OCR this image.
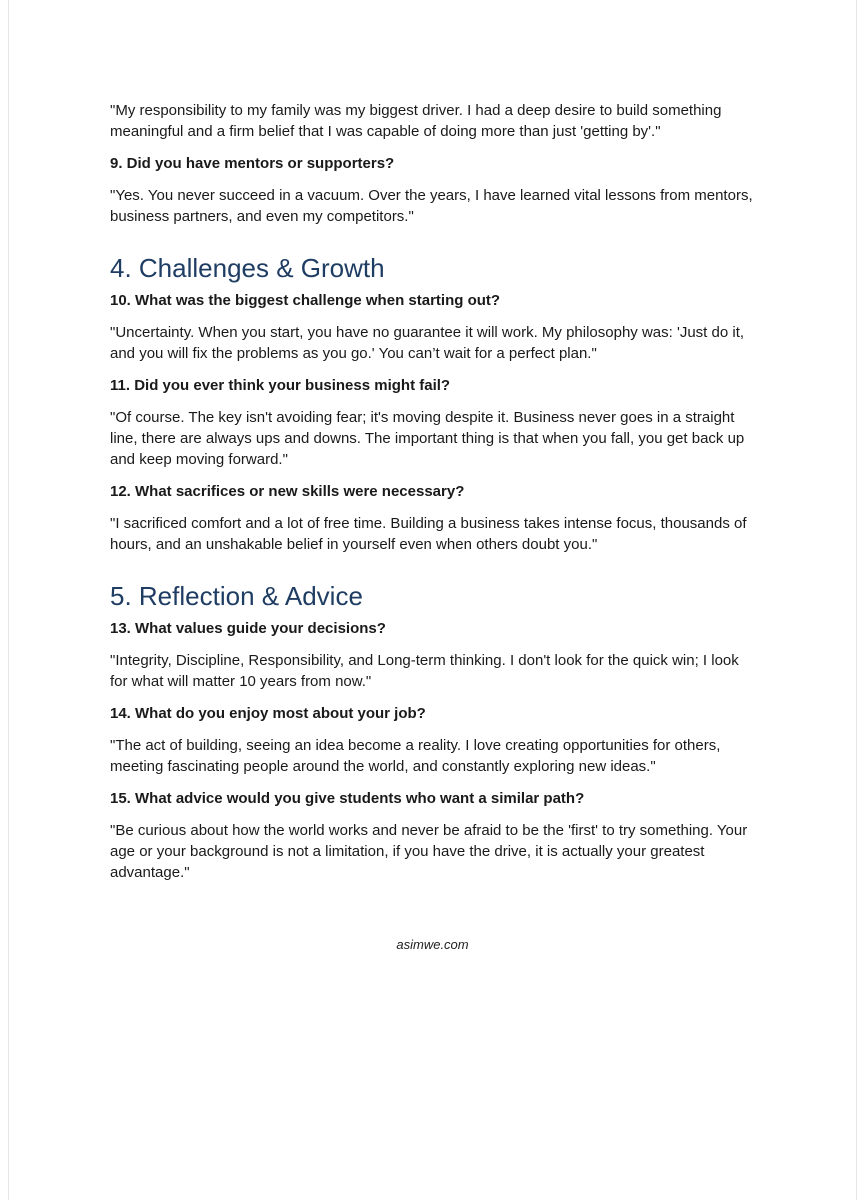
"My responsibility to my family was my biggest driver. I had a deep desire to build something meaningful and a firm belief that I was capable of doing more than just 'getting by'."

9. Did you have mentors or supporters?

"Yes. You never succeed in a vacuum. Over the years, I have learned vital lessons from mentors, business partners, and even my competitors."

4. Challenges & Growth

10. What was the biggest challenge when starting out?

"Uncertainty. When you start, you have no guarantee it will work. My philosophy was: 'Just do it, and you will fix the problems as you go.' You can’t wait for a perfect plan."

11. Did you ever think your business might fail?

"Of course. The key isn't avoiding fear; it's moving despite it. Business never goes in a straight line, there are always ups and downs. The important thing is that when you fall, you get back up and keep moving forward."

12. What sacrifices or new skills were necessary?

"I sacrificed comfort and a lot of free time. Building a business takes intense focus, thousands of hours, and an unshakable belief in yourself even when others doubt you."

5. Reflection & Advice

13. What values guide your decisions?

"Integrity, Discipline, Responsibility, and Long-term thinking. I don't look for the quick win; I look for what will matter 10 years from now."

14. What do you enjoy most about your job?

"The act of building, seeing an idea become a reality. I love creating opportunities for others, meeting fascinating people around the world, and constantly exploring new ideas."

15. What advice would you give students who want a similar path?

"Be curious about how the world works and never be afraid to be the 'first' to try something. Your age or your background is not a limitation, if you have the drive, it is actually your greatest advantage."

asimwe.com
